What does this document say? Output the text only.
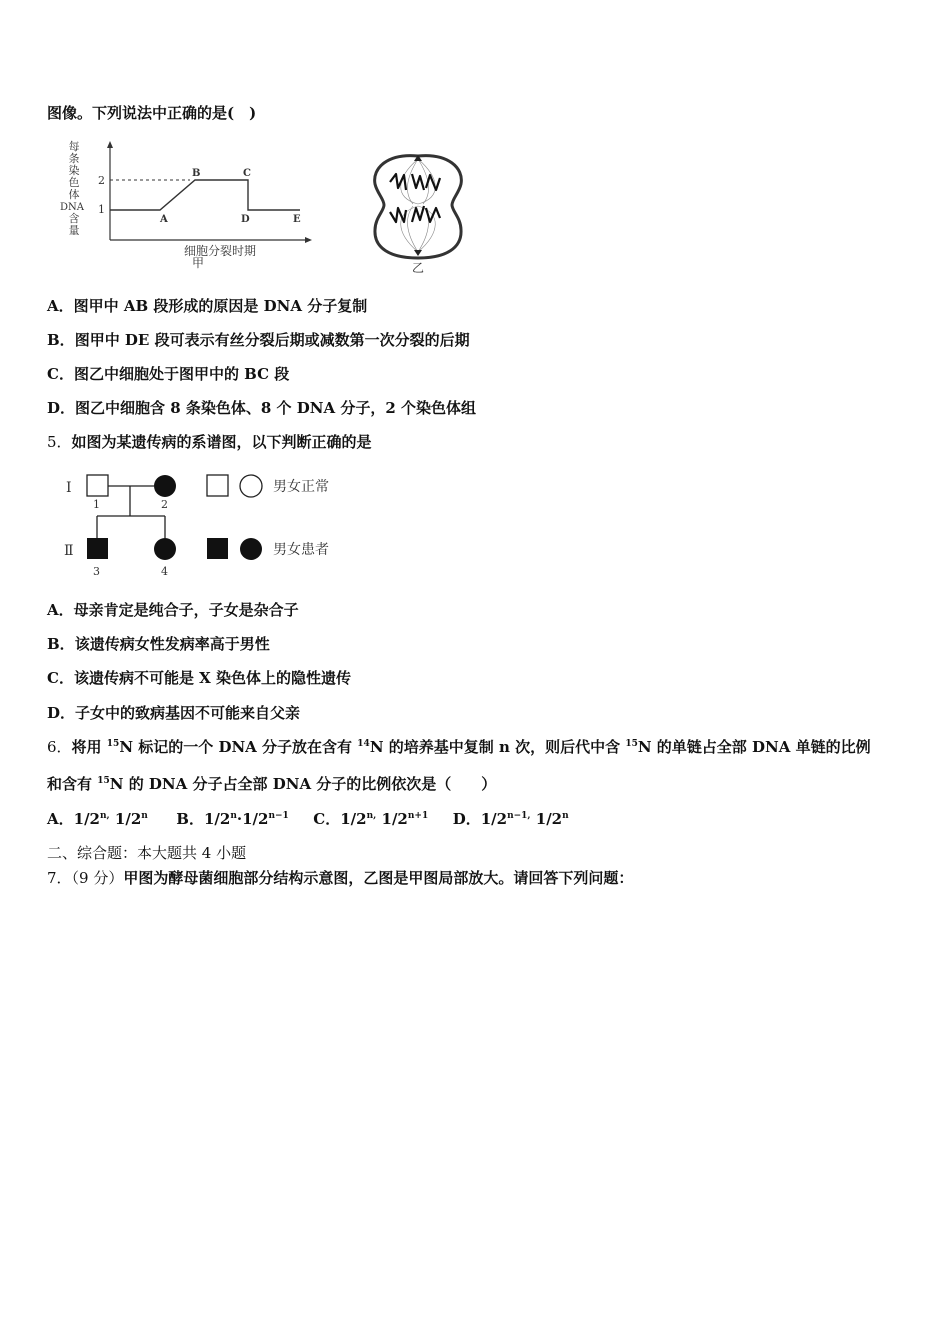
图像。下列说法中正确的是(　)
每
条
染
色
体
DNA
含
量
2
1
A
B	C
D	E
细胞分裂时期
甲	乙
A．图甲中 AB 段形成的原因是 DNA 分子复制
B．图甲中 DE 段可表示有丝分裂后期或减数第一次分裂的后期
C．图乙中细胞处于图甲中的 BC 段
D．图乙中细胞含 8 条染色体、8 个 DNA 分子，2 个染色体组
5．如图为某遗传病的系谱图，以下判断正确的是
Ⅰ
Ⅱ
1	2
3	4
男女正常
男女患者
A．母亲肯定是纯合子，子女是杂合子
B．该遗传病女性发病率高于男性
C．该遗传病不可能是 X 染色体上的隐性遗传
D．子女中的致病基因不可能来自父亲
6．将用 $^{15}$N 标记的一个 DNA 分子放在含有 $^{14}$N 的培养基中复制 n 次，则后代中含 $^{15}$N 的单链占全部 DNA 单链的比例
和含有 $^{15}$N 的 DNA 分子占全部 DNA 分子的比例依次是（　　）
A．$1/2^{n,}$ 1/2$^n$ B．$1/2^n\cdot 1/2^{n-1}$ C．$1/2^{n,}$ $1/2^{n+1}$ D．$1/2^{n-1,}$ 1/2$^n$
二、综合题：本大题共 4 小题
7．（9 分）甲图为酵母菌细胞部分结构示意图，乙图是甲图局部放大。请回答下列问题：
